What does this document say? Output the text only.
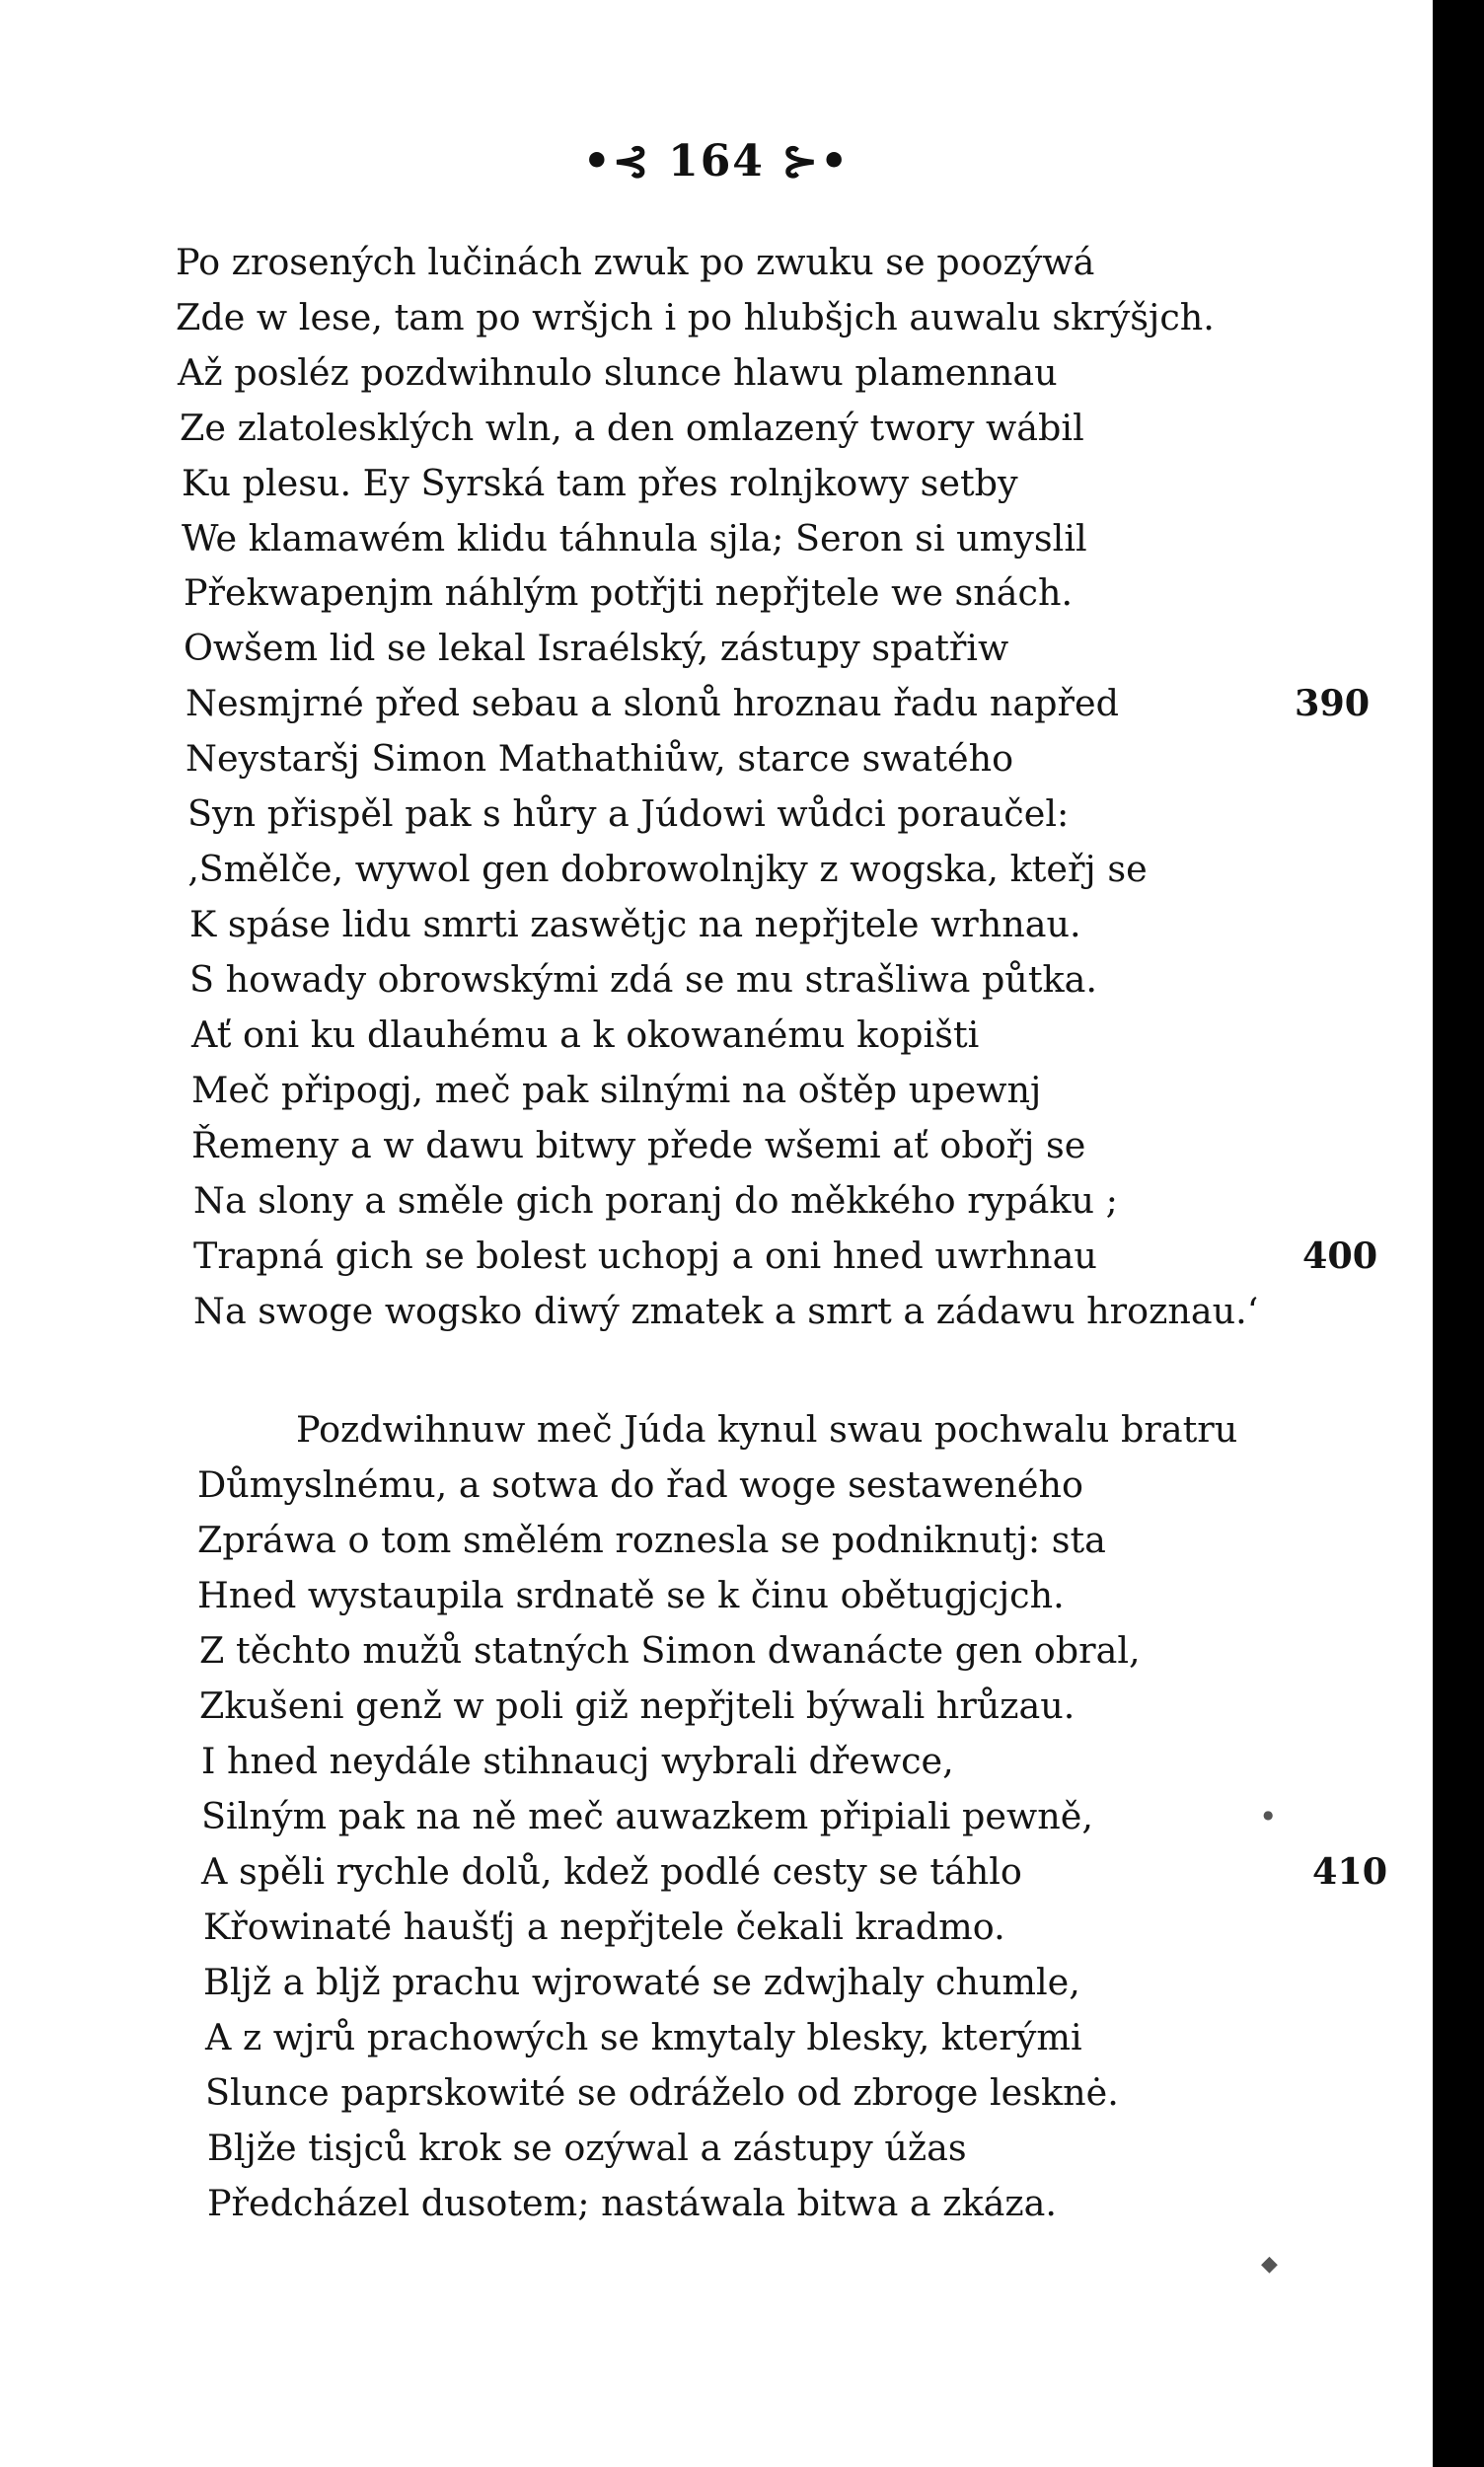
•⊰ 164 ⊱•
Po zrosených lučinách zwuk po zwuku se poozýwá
Zde w lese, tam po wršjch i po hlubšjch auwalu skrýšjch.
Až posléz pozdwihnulo slunce hlawu plamennau
Ze zlatolesklých wln, a den omlazený twory wábil
Ku plesu. Ey Syrská tam přes rolnjkowy setby
We klamawém klidu táhnula sjla; Seron si umyslil
Překwapenjm náhlým potřjti nepřjtele we snách.
Owšem lid se lekal Israélský, zástupy spatřiw
Nesmjrné před sebau a slonů hroznau řadu napřed
Neystaršj Simon Mathathiůw, starce swatého
Syn přispěl pak s hůry a Júdowi wůdci poraučel:
‚Smělče, wywol gen dobrowolnjky z wogska, kteřj se
K spáse lidu smrti zaswětjc na nepřjtele wrhnau.
S howady obrowskými zdá se mu strašliwa půtka.
Ať oni ku dlauhému a k okowanému kopišti
Meč připogj, meč pak silnými na oštěp upewnj
Řemeny a w dawu bitwy přede wšemi ať obořj se
Na slony a směle gich poranj do měkkého rypáku ;
Trapná gich se bolest uchopj a oni hned uwrhnau
Na swoge wogsko diwý zmatek a smrt a zádawu hroznau.‘
390
400
410
Pozdwihnuw meč Júda kynul swau pochwalu bratru
Důmyslnému, a sotwa do řad woge sestaweného
Zpráwa o tom smělém roznesla se podniknutj: sta
Hned wystaupila srdnatě se k činu obětugjcjch.
Z těchto mužů statných Simon dwanácte gen obral,
Zkušeni genž w poli giž nepřjteli býwali hrůzau.
I hned neydále stihnaucj wybrali dřewce,
Silným pak na ně meč auwazkem připiali pewně,
A spěli rychle dolů, kdež podlé cesty se táhlo
Křowinaté haušťj a nepřjtele čekali kradmo.
Bljž a bljž prachu wjrowaté se zdwjhaly chumle,
A z wjrů prachowých se kmytaly blesky, kterými
Slunce paprskowité se odráželo od zbroge lesknė.
Bljže tisjců krok se ozýwal a zástupy úžas
Předcházel dusotem; nastáwala bitwa a zkáza.
◆
●
